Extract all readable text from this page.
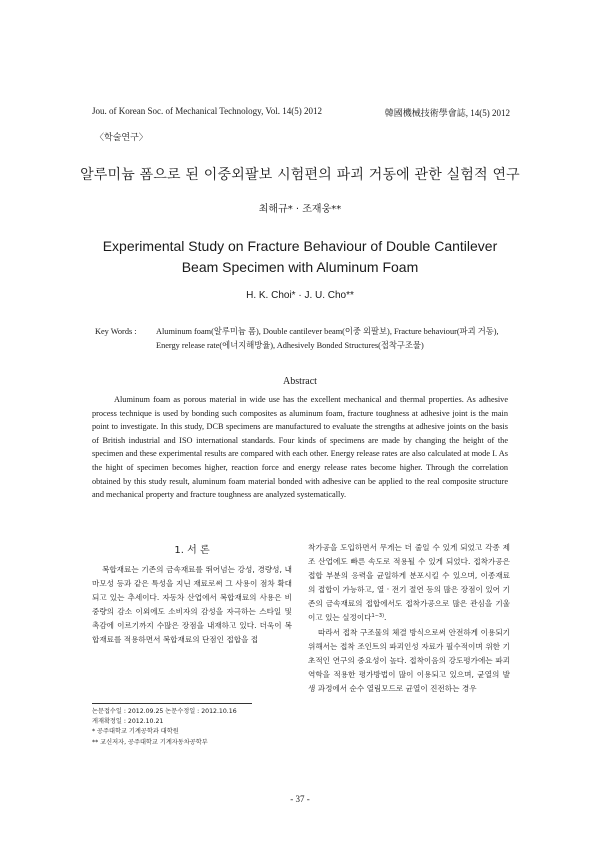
Jou. of Korean Soc. of Mechanical Technology, Vol. 14(5) 2012	韓國機械技術學會誌, 14(5) 2012
〈학술연구〉
알루미늄 폼으로 된 이중외팔보 시험편의 파괴 거동에 관한 실험적 연구
최해규* · 조재웅**
Experimental Study on Fracture Behaviour of Double Cantilever Beam Specimen with Aluminum Foam
H. K. Choi* · J. U. Cho**
Key Words : Aluminum foam(알루미늄 폼), Double cantilever beam(이중 외팔보), Fracture behaviour(파괴 거동), Energy release rate(에너지해방율), Adhesively Bonded Structures(접착구조물)
Abstract
Aluminum foam as porous material in wide use has the excellent mechanical and thermal properties. As adhesive process technique is used by bonding such composites as aluminum foam, fracture toughness at adhesive joint is the main point to investigate. In this study, DCB specimens are manufactured to evaluate the strengths at adhesive joints on the basis of British industrial and ISO international standards. Four kinds of specimens are made by changing the height of the specimen and these experimental results are compared with each other. Energy release rates are also calculated at mode I. As the hight of specimen becomes higher, reaction force and energy release rates become higher. Through the correlation obtained by this study result, aluminum foam material bonded with adhesive can be applied to the real composite structure and mechanical property and fracture toughness are analyzed systematically.
1. 서 론

복합재료는 기존의 금속재료를 뛰어넘는 강성, 경량성, 내마모성 등과 같은 특성을 지닌 재료로써 그 사용이 점차 확대되고 있는 추세이다. 자동차 산업에서 복합재료의 사용은 비중량의 감소 이외에도 소비자의 감성을 자극하는 스타일 및 촉감에 이르기까지 수많은 장점을 내재하고 있다. 더욱이 복합재료를 적용하면서 복합재료의 단점인 접합을 접

착가공을 도입하면서 무게는 더 줄일 수 있게 되었고 각종 제조 산업에도 빠른 속도로 적용될 수 있게 되었다. 접착가공은 접합 부분의 응력을 균일하게 분포시킬 수 있으며, 이종재료의 접합이 가능하고, 열 · 전기 절연 등의 많은 장점이 있어 기존의 금속재료의 접합에서도 접착가공으로 많은 관심을 기울이고 있는 실정이다$^{1\sim 3)}$.

따라서 접착 구조물의 체결 방식으로써 안전하게 이용되기 위해서는 접착 조인트의 파괴인성 자료가 필수적이며 위한 기초적인 연구의 중요성이 높다. 접착이음의 강도평가에는 파괴역학을 적용한 평가방법이 많이 이용되고 있으며, 균열의 발생 과정에서 순수 열림모드로 균열이 진전하는 경우

논문접수일 : 2012.09.25 논문수정일 : 2012.10.16
게재확정일 : 2012.10.21
* 공주대학교 기계공학과 대학원
** 교신저자, 공주대학교 기계자동차공학부
- 37 -
